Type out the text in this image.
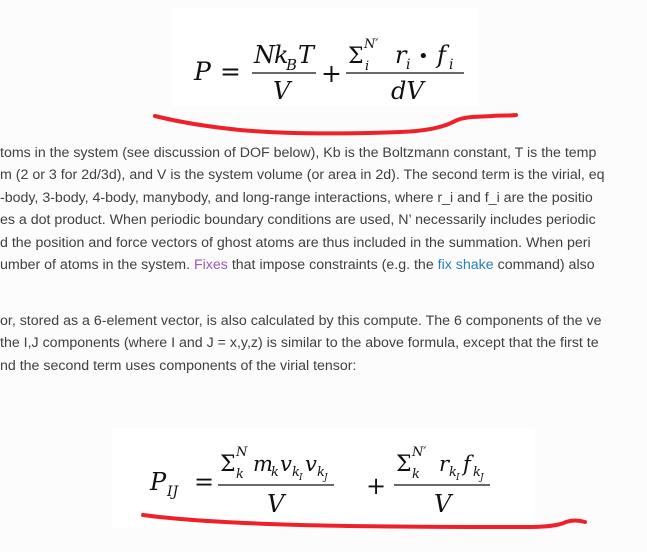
P =
N k
B T
V
+
Σ i
N′ r i • f i
dV
toms in the system (see discussion of DOF below), Kb is the Boltzmann constant, T is the temp
m (2 or 3 for 2d/3d), and V is the system volume (or area in 2d). The second term is the virial, eq
-body, 3-body, 4-body, manybody, and long-range interactions, where r_i and f_i are the positio
es a dot product. When periodic boundary conditions are used, N’ necessarily includes periodic
d the position and force vectors of ghost atoms are thus included in the summation. When peri
umber of atoms in the system. Fixes that impose constraints (e.g. the fix shake command) also
or, stored as a 6-element vector, is also calculated by this compute. The 6 components of the ve
the I,J components (where I and J = x,y,z) is similar to the above formula, except that the first te
nd the second term uses components of the virial tensor:
P IJ =
Σ k
N m
k v k I
v k J
V
+
Σ k
N′ r k I
f k J
V
